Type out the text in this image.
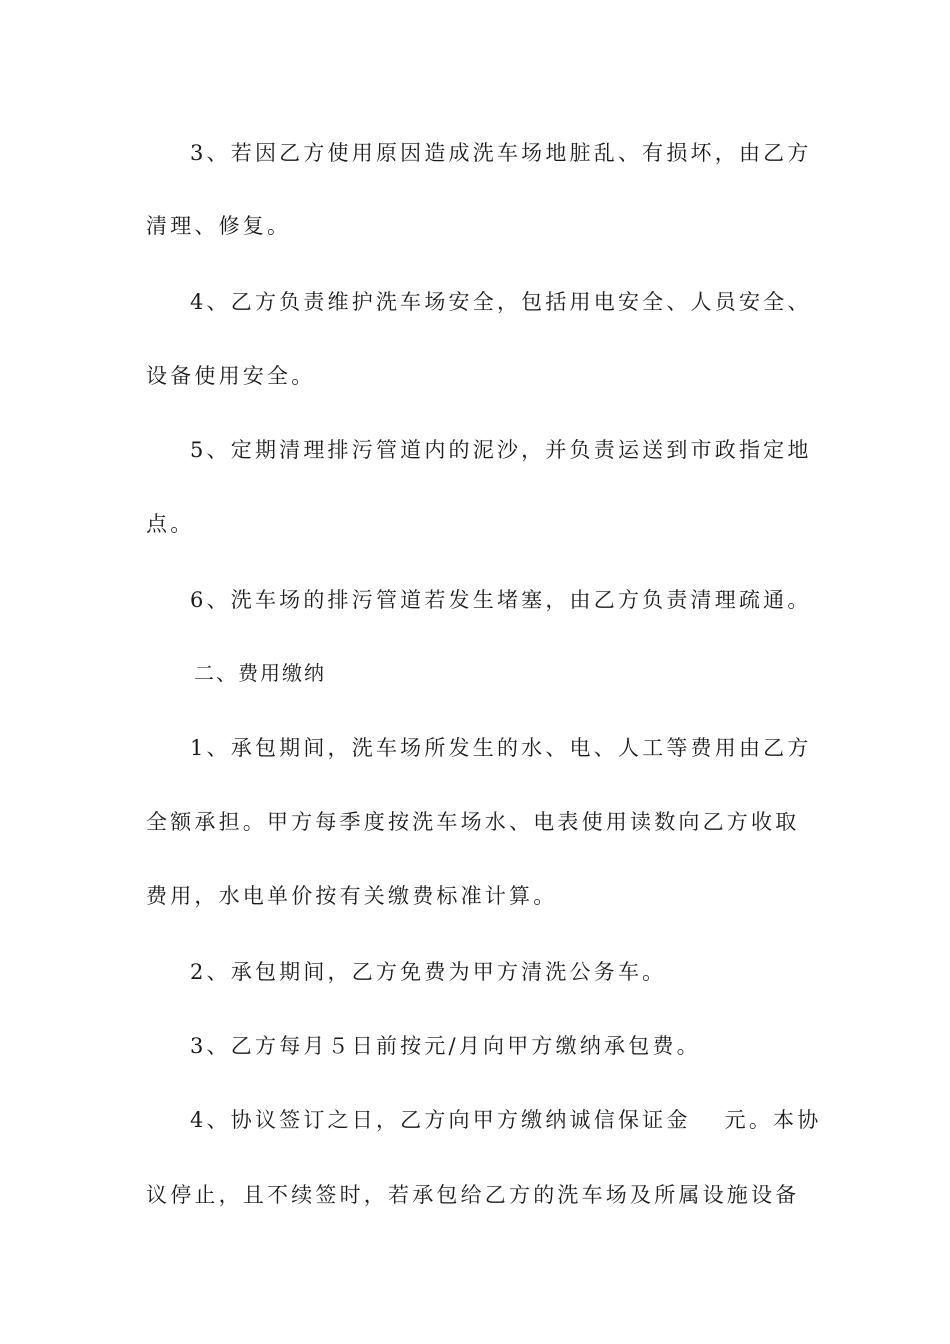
3、若因乙方使用原因造成洗车场地脏乱、有损坏，由乙方
清理、修复。
4、乙方负责维护洗车场安全，包括用电安全、人员安全、
设备使用安全。
5、定期清理排污管道内的泥沙，并负责运送到市政指定地
点。
6、洗车场的排污管道若发生堵塞，由乙方负责清理疏通。
二、费用缴纳
1、承包期间，洗车场所发生的水、电、人工等费用由乙方
全额承担。甲方每季度按洗车场水、电表使用读数向乙方收取
费用，水电单价按有关缴费标准计算。
2、承包期间，乙方免费为甲方清洗公务车。
3、乙方每月５日前按元/月向甲方缴纳承包费。
4、协议签订之日，乙方向甲方缴纳诚信保证金　 元。本协
议停止，且不续签时，若承包给乙方的洗车场及所属设施设备
